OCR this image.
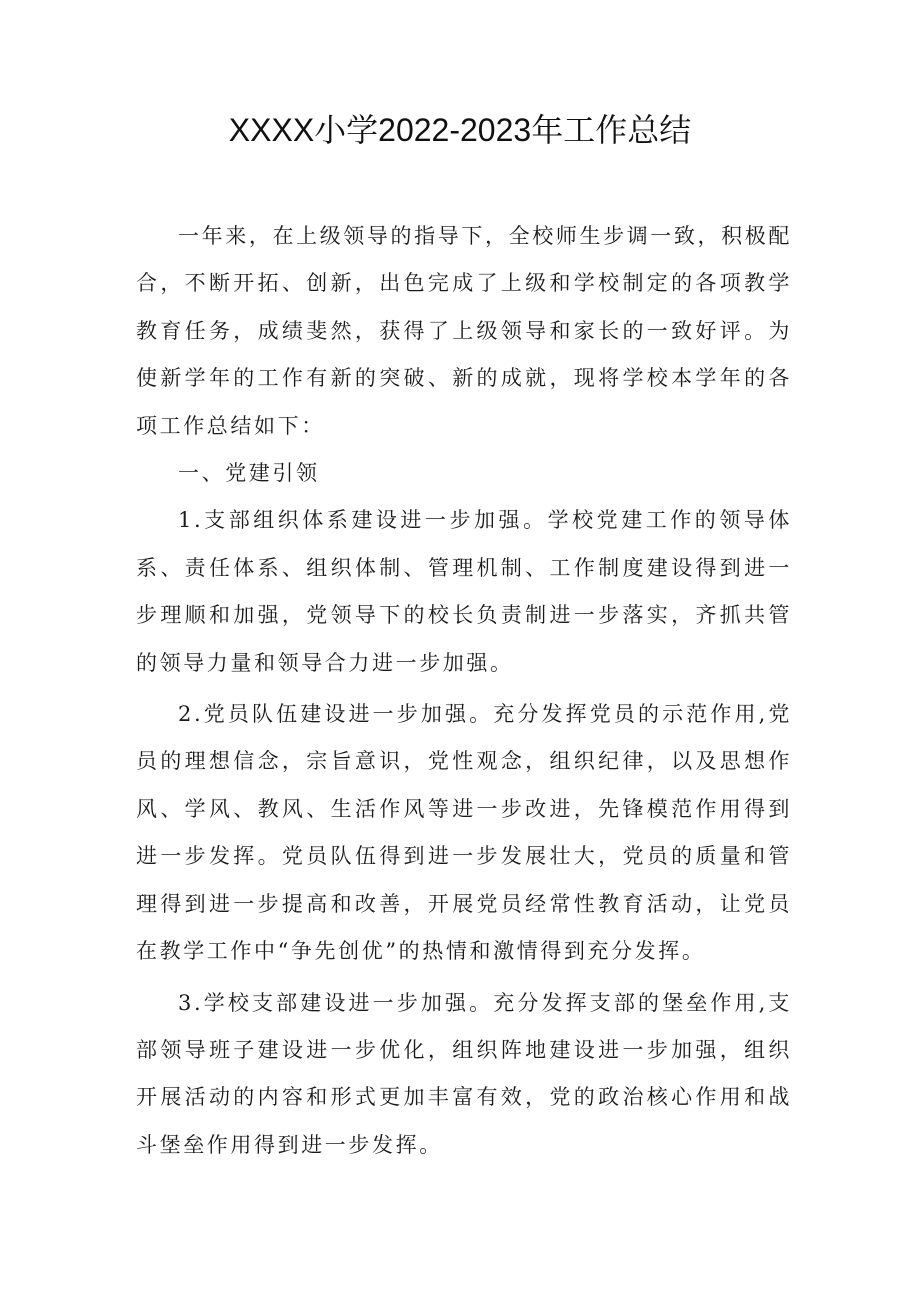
XXXX小学2022-2023年工作总结

一年来，在上级领导的指导下，全校师生步调一致，积极配合，不断开拓、创新，出色完成了上级和学校制定的各项教学教育任务，成绩斐然，获得了上级领导和家长的一致好评。为使新学年的工作有新的突破、新的成就，现将学校本学年的各项工作总结如下：

一、党建引领

1.支部组织体系建设进一步加强。学校党建工作的领导体系、责任体系、组织体制、管理机制、工作制度建设得到进一步理顺和加强，党领导下的校长负责制进一步落实，齐抓共管的领导力量和领导合力进一步加强。

2.党员队伍建设进一步加强。充分发挥党员的示范作用,党员的理想信念，宗旨意识，党性观念，组织纪律，以及思想作风、学风、教风、生活作风等进一步改进，先锋模范作用得到进一步发挥。党员队伍得到进一步发展壮大，党员的质量和管理得到进一步提高和改善，开展党员经常性教育活动，让党员在教学工作中“争先创优”的热情和激情得到充分发挥。

3.学校支部建设进一步加强。充分发挥支部的堡垒作用,支部领导班子建设进一步优化，组织阵地建设进一步加强，组织开展活动的内容和形式更加丰富有效，党的政治核心作用和战斗堡垒作用得到进一步发挥。
